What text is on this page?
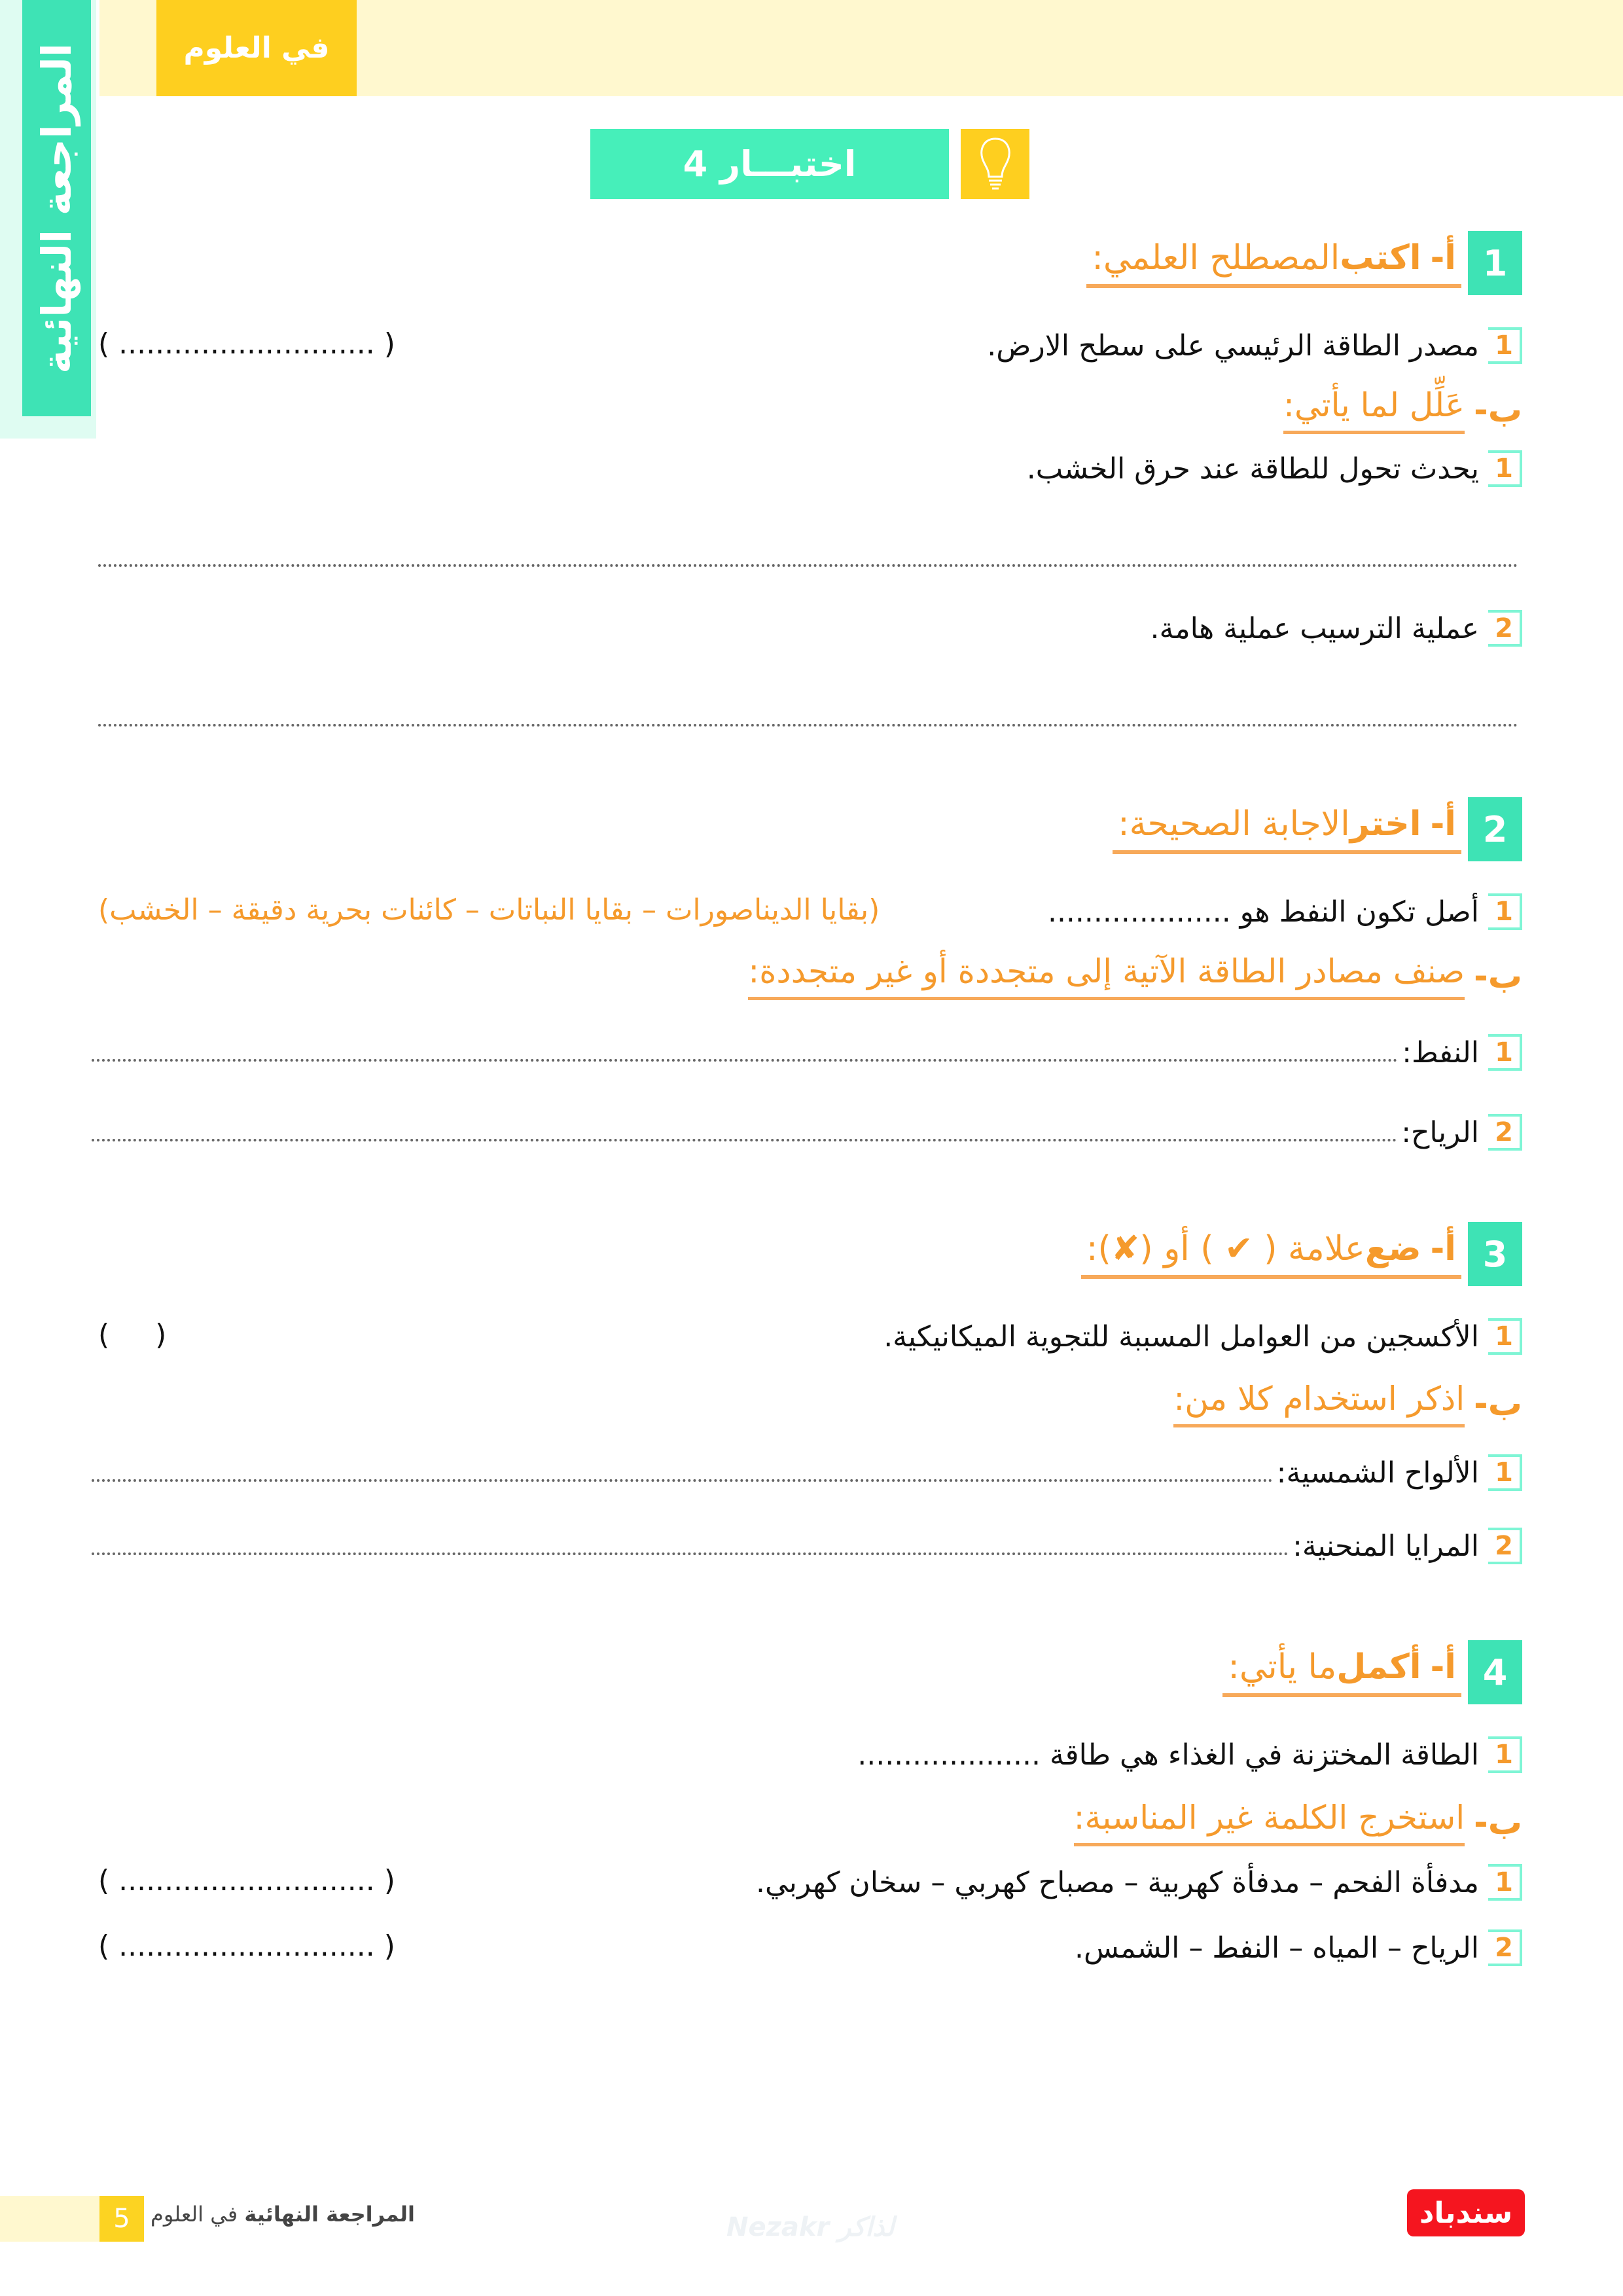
المراجعة النهائية	في العلوم
اختبـــار 4
1
أ-
اكتب
المصطلح العلمي:
1
مصدر الطاقة الرئيسي على سطح الارض.
( ............................ )
ب-
عَلِّل لما يأتي:
1
يحدث تحول للطاقة عند حرق الخشب.
2
عملية الترسيب عملية هامة.
2
أ-
اختر
الاجابة الصحيحة:
1
أصل تكون النفط هو ....................
(بقايا الديناصورات – بقايا النباتات – كائنات بحرية دقيقة – الخشب)
ب-
صنف مصادر الطاقة الآتية إلى متجددة أو غير متجددة:
1
النفط:
2
الرياح:
3
أ-
ضع
علامة ( ✔ ) أو (✘):
1
الأكسجين من العوامل المسببة للتجوية الميكانيكية.
(     )
ب-
اذكر استخدام كلا من:
1
الألواح الشمسية:
2
المرايا المنحنية:
4
أ-
أكمل
ما يأتي:
1
الطاقة المختزنة في الغذاء هي طاقة ....................
ب-
استخرج الكلمة غير المناسبة:
1
مدفأة الفحم – مدفأة كهربية – مصباح كهربي – سخان كهربي.
( ............................ )
2
الرياح – المياه – النفط – الشمس.
( ............................ )
Nezakr لذاكر
5	المراجعة النهائية في العلوم	سندباد
